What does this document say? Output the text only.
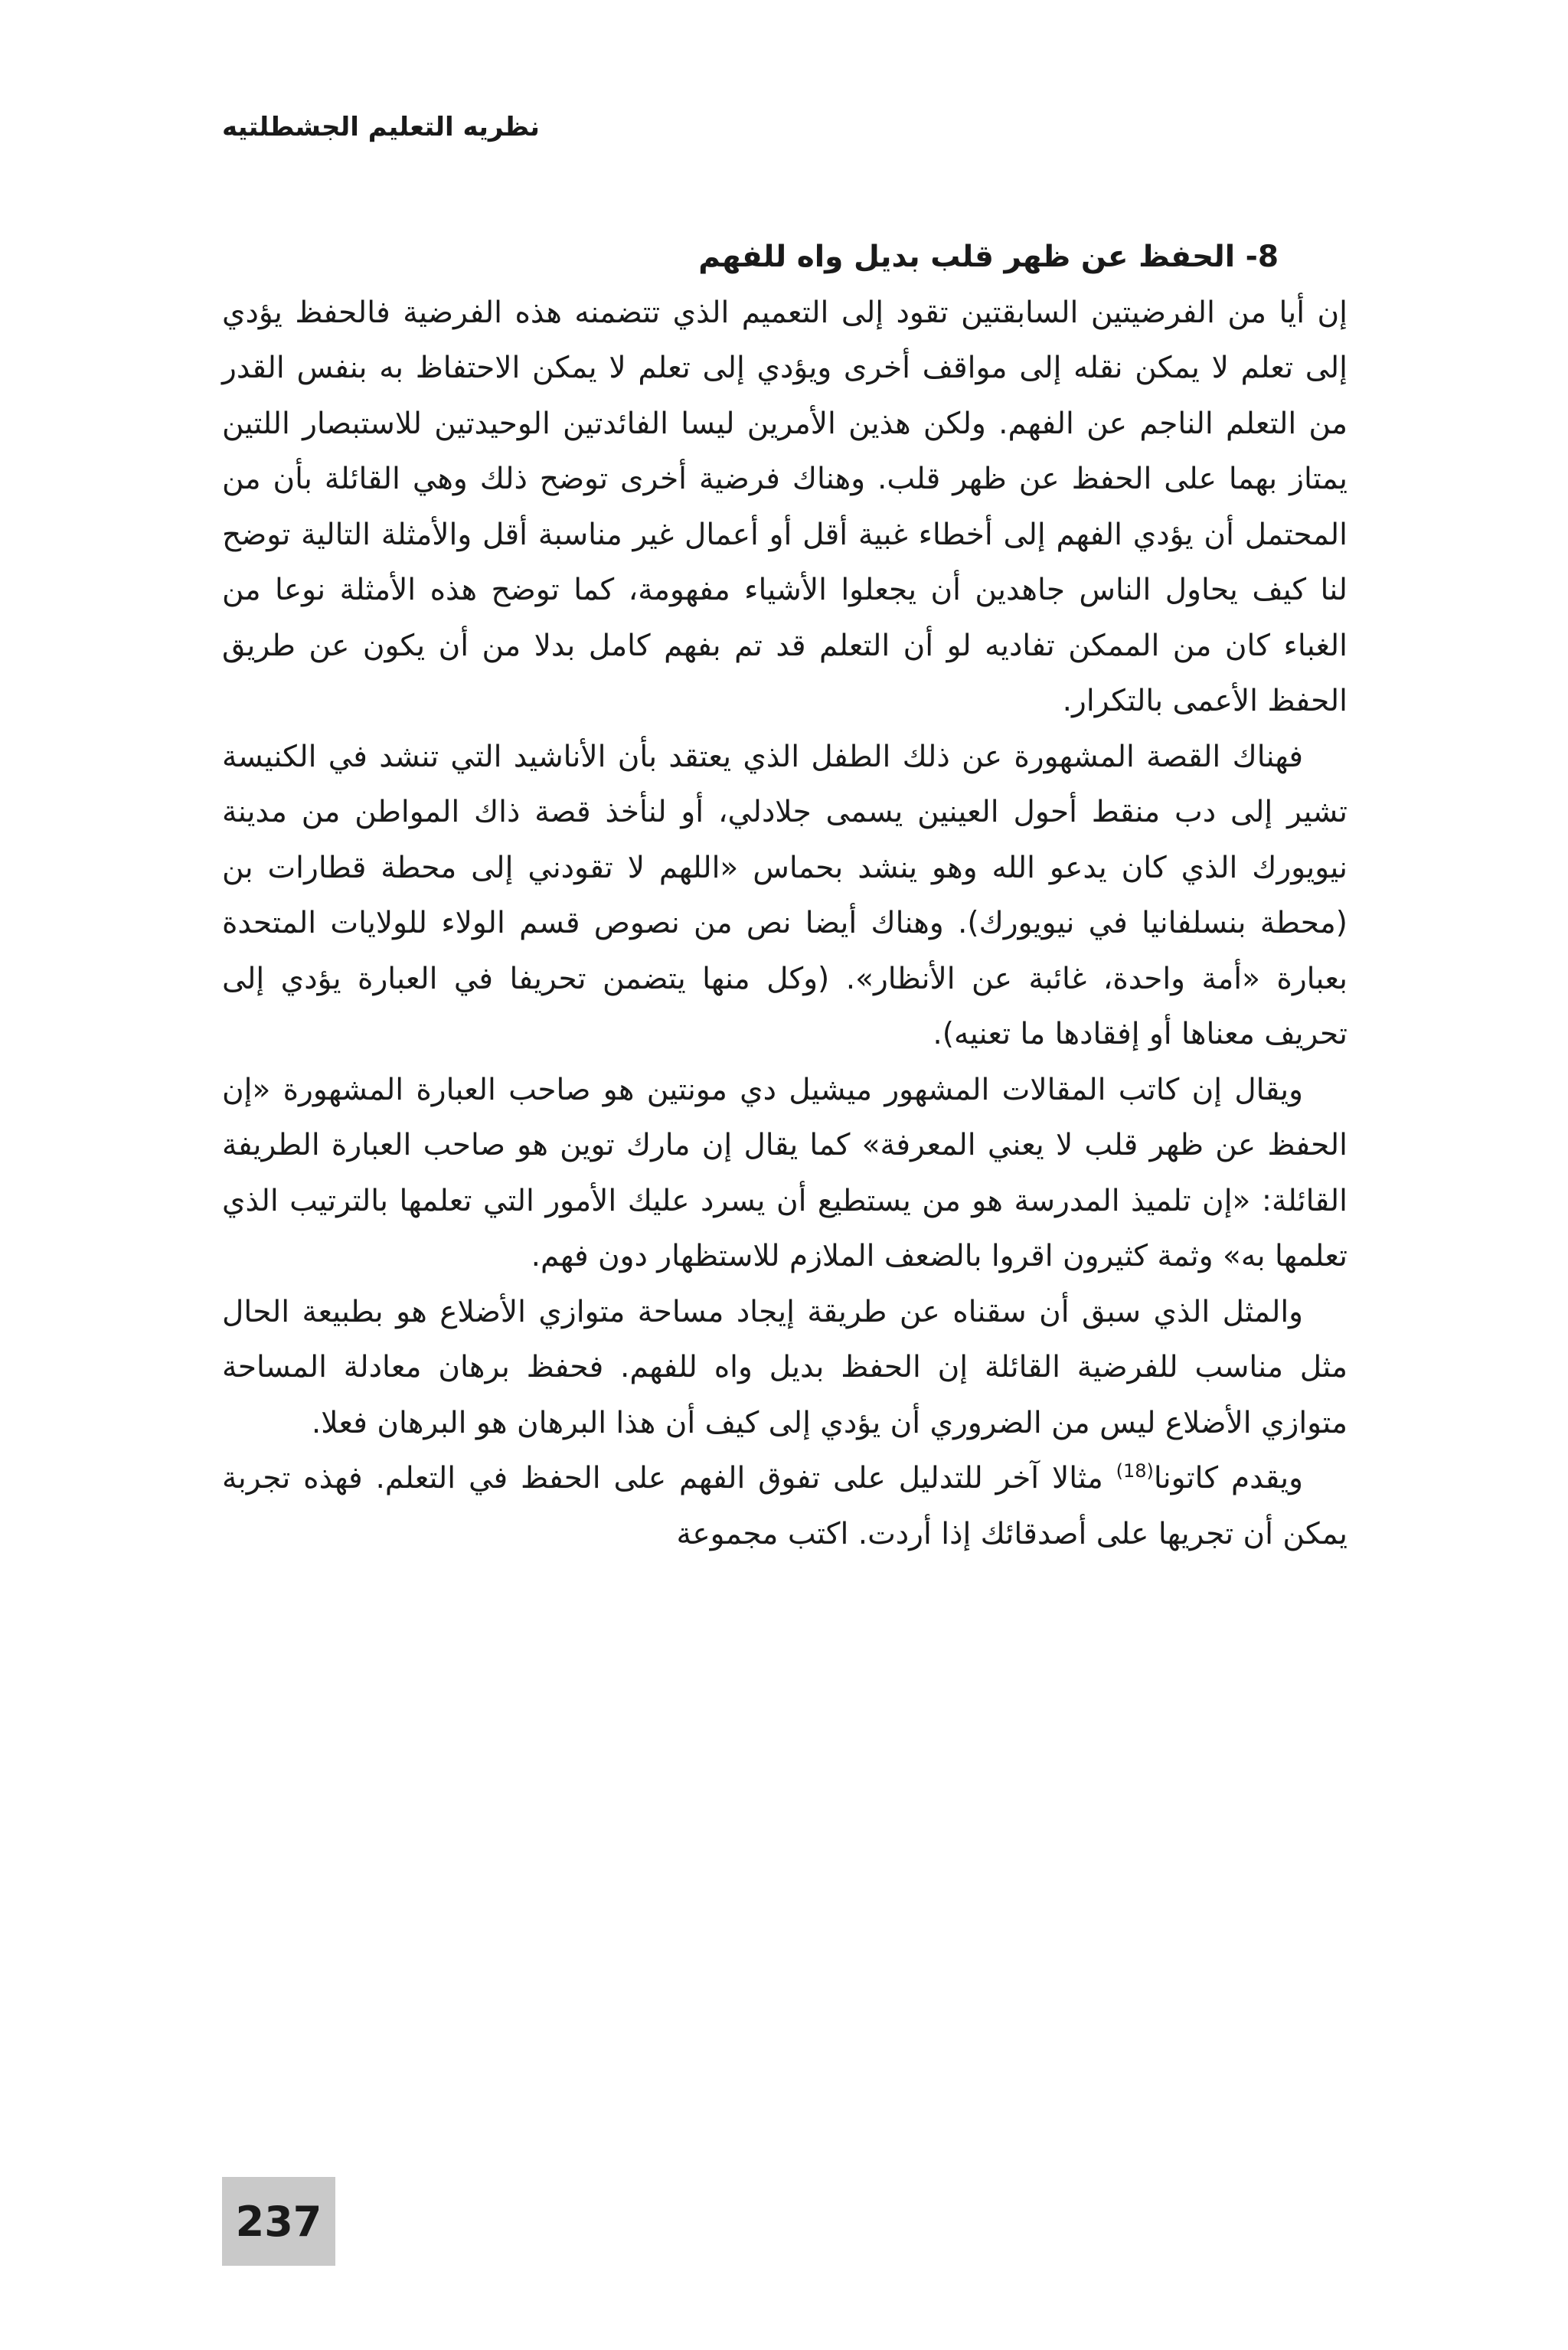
نظريه التعليم الجشطلتيه

8- الحفظ عن ظهر قلب بديل واه للفهم

إن أيا من الفرضيتين السابقتين تقود إلى التعميم الذي تتضمنه هذه الفرضية فالحفظ يؤدي إلى تعلم لا يمكن نقله إلى مواقف أخرى ويؤدي إلى تعلم لا يمكن الاحتفاظ به بنفس القدر من التعلم الناجم عن الفهم. ولكن هذين الأمرين ليسا الفائدتين الوحيدتين للاستبصار اللتين يمتاز بهما على الحفظ عن ظهر قلب. وهناك فرضية أخرى توضح ذلك وهي القائلة بأن من المحتمل أن يؤدي الفهم إلى أخطاء غبية أقل أو أعمال غير مناسبة أقل والأمثلة التالية توضح لنا كيف يحاول الناس جاهدين أن يجعلوا الأشياء مفهومة، كما توضح هذه الأمثلة نوعا من الغباء كان من الممكن تفاديه لو أن التعلم قد تم بفهم كامل بدلا من أن يكون عن طريق الحفظ الأعمى بالتكرار.

فهناك القصة المشهورة عن ذلك الطفل الذي يعتقد بأن الأناشيد التي تنشد في الكنيسة تشير إلى دب منقط أحول العينين يسمى جلادلي، أو لنأخذ قصة ذاك المواطن من مدينة نيويورك الذي كان يدعو الله وهو ينشد بحماس «اللهم لا تقودني إلى محطة قطارات بن (محطة بنسلفانيا في نيويورك). وهناك أيضا نص من نصوص قسم الولاء للولايات المتحدة بعبارة «أمة واحدة، غائبة عن الأنظار». (وكل منها يتضمن تحريفا في العبارة يؤدي إلى تحريف معناها أو إفقادها ما تعنيه).

ويقال إن كاتب المقالات المشهور ميشيل دي مونتين هو صاحب العبارة المشهورة «إن الحفظ عن ظهر قلب لا يعني المعرفة» كما يقال إن مارك توين هو صاحب العبارة الطريفة القائلة: «إن تلميذ المدرسة هو من يستطيع أن يسرد عليك الأمور التي تعلمها بالترتيب الذي تعلمها به» وثمة كثيرون اقروا بالضعف الملازم للاستظهار دون فهم.

والمثل الذي سبق أن سقناه عن طريقة إيجاد مساحة متوازي الأضلاع هو بطبيعة الحال مثل مناسب للفرضية القائلة إن الحفظ بديل واه للفهم. فحفظ برهان معادلة المساحة متوازي الأضلاع ليس من الضروري أن يؤدي إلى كيف أن هذا البرهان هو البرهان فعلا.

ويقدم كاتونا$^{(18)}$ مثالا آخر للتدليل على تفوق الفهم على الحفظ في التعلم. فهذه تجربة يمكن أن تجريها على أصدقائك إذا أردت. اكتب مجموعة

237
